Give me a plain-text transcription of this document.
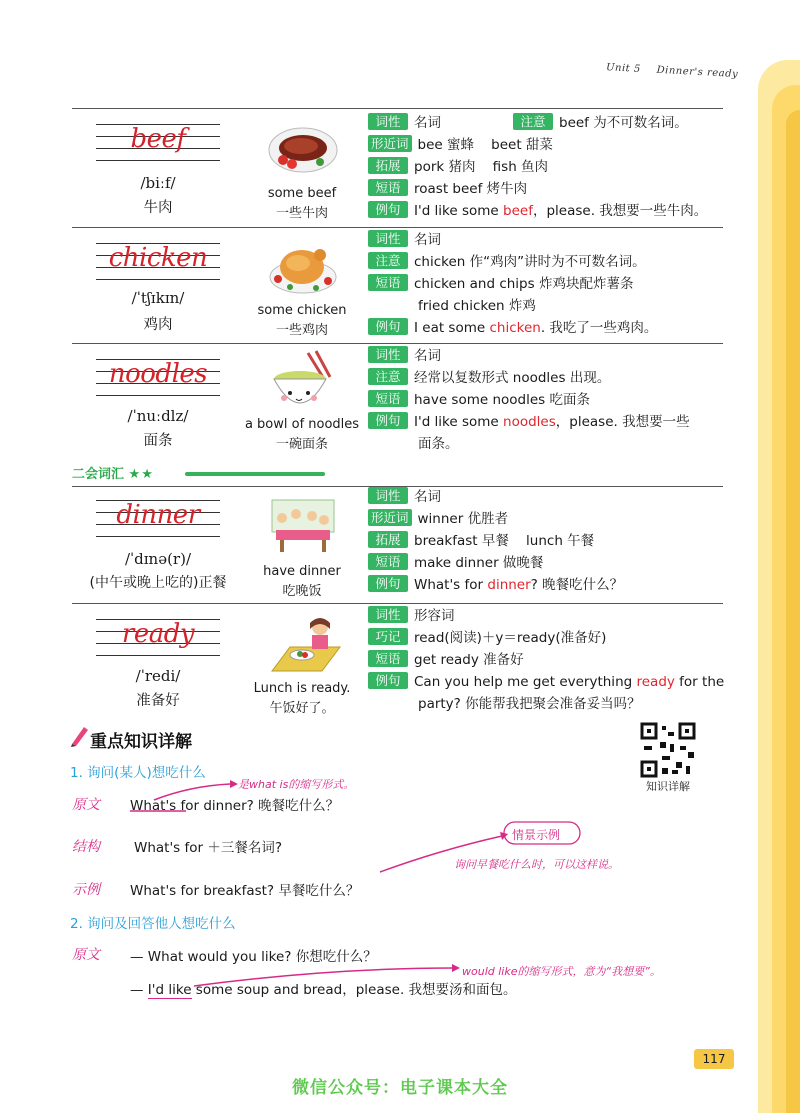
Unit 5 Dinner's ready
beef
/biːf/
牛肉
some beef
一些牛肉
词性 名词	注意 beef 为不可数名词。
形近词 bee 蜜蜂    beet 甜菜
拓展 pork 猪肉    fish 鱼肉
短语 roast beef 烤牛肉
例句 I'd like some beef，please. 我想要一些牛肉。
chicken
/ˈtʃɪkɪn/
鸡肉
some chicken
一些鸡肉
词性 名词
注意 chicken 作“鸡肉”讲时为不可数名词。
短语 chicken and chips 炸鸡块配炸薯条
fried chicken 炸鸡
例句 I eat some chicken. 我吃了一些鸡肉。
noodles
/ˈnuːdlz/
面条
a bowl of noodles
一碗面条
词性 名词
注意 经常以复数形式 noodles 出现。
短语 have some noodles 吃面条
例句 I'd like some noodles，please. 我想要一些
面条。
二会词汇 ★★
dinner
/ˈdɪnə(r)/
(中午或晚上吃的)正餐
have dinner
吃晚饭
词性 名词
形近词 winner 优胜者
拓展 breakfast 早餐    lunch 午餐
短语 make dinner 做晚餐
例句 What's for dinner? 晚餐吃什么？
ready
/ˈredi/
准备好
Lunch is ready.
午饭好了。
词性 形容词
巧记 read(阅读)＋y＝ready(准备好)
短语 get ready 准备好
例句 Can you help me get everything ready for the
party? 你能帮我把聚会准备妥当吗？
重点知识详解
知识详解
1. 询问(某人)想吃什么
是what is的缩写形式。
原文 What's for dinner? 晚餐吃什么？
结构	What's for ＋三餐名词?
情景示例
询问早餐吃什么时，可以这样说。
示例 What's for breakfast? 早餐吃什么？
2. 询问及回答他人想吃什么
原文 — What would you like? 你想吃什么？
would like的缩写形式，意为“我想要”。
— I'd like some soup and bread，please. 我想要汤和面包。
117
微信公众号：电子课本大全
